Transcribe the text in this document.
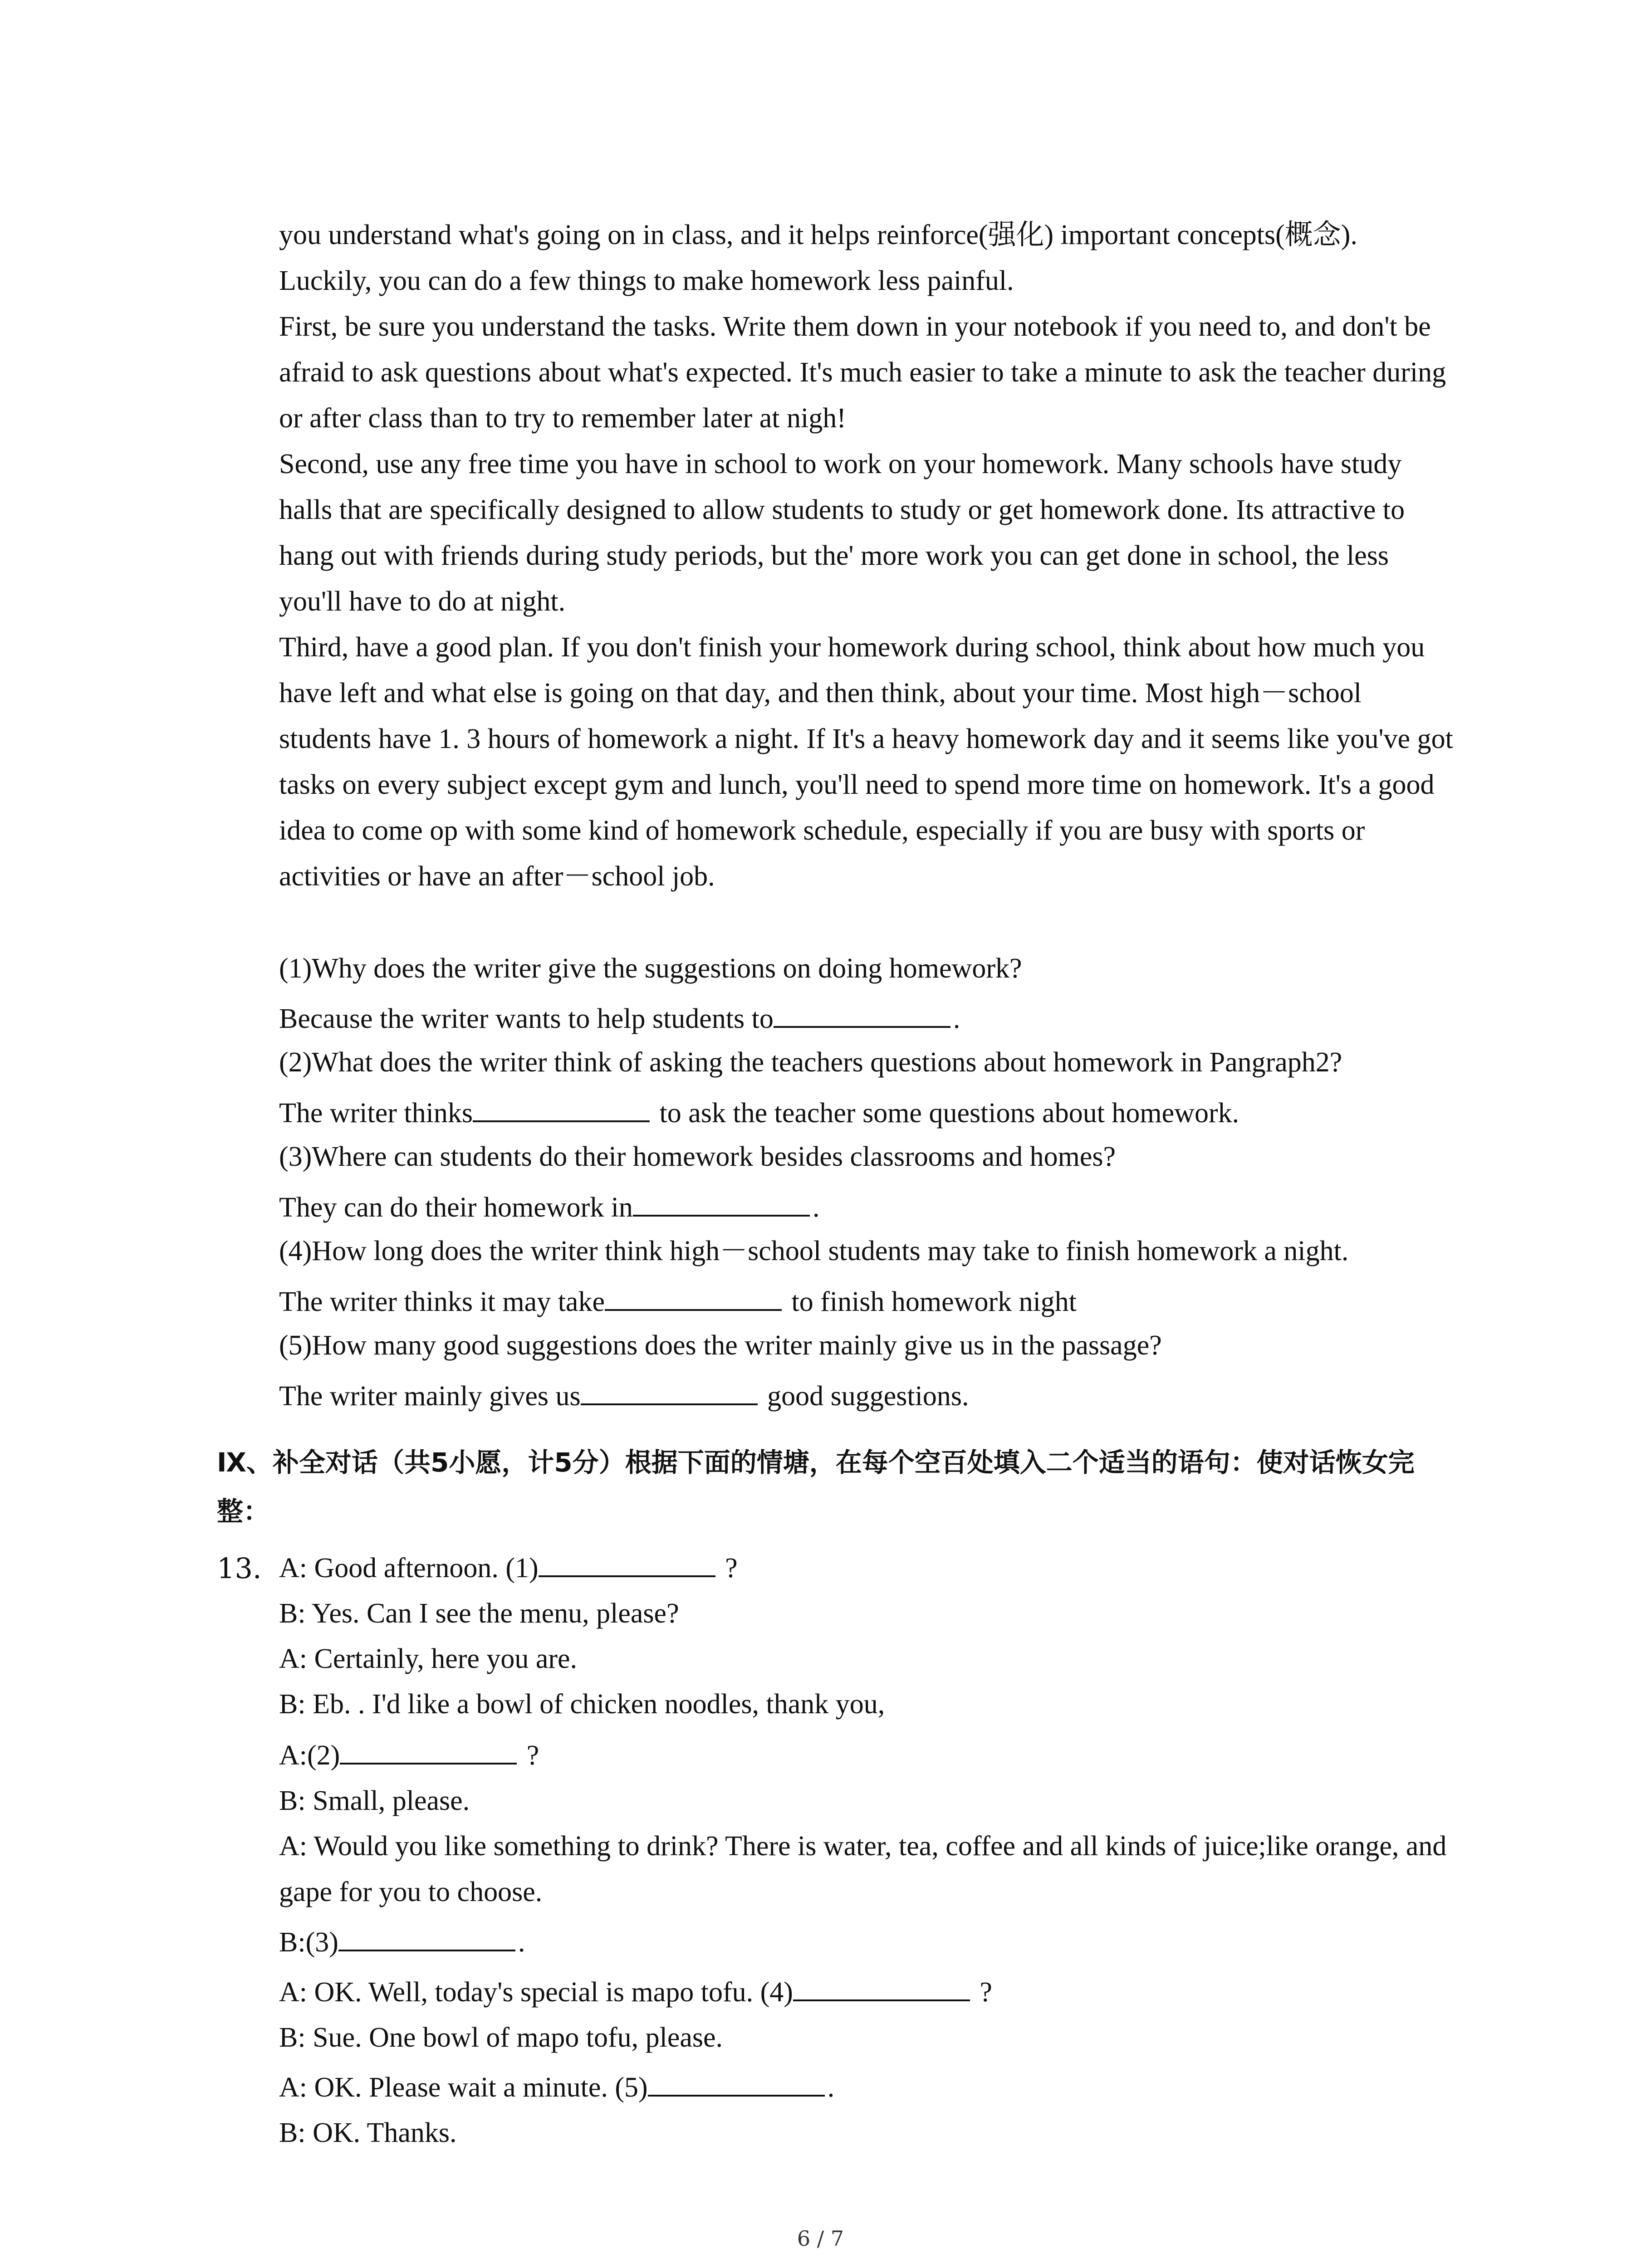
you understand what's going on in class, and it helps reinforce(强化) important concepts(概念). Luckily, you can do a few things to make homework less painful.

First, be sure you understand the tasks. Write them down in your notebook if you need to, and don't be afraid to ask questions about what's expected. It's much easier to take a minute to ask the teacher during or after class than to try to remember later at nigh!

Second, use any free time you have in school to work on your homework. Many schools have study halls that are specifically designed to allow students to study or get homework done. Its attractive to hang out with friends during study periods, but the' more work you can get done in school, the less you'll have to do at night.

Third, have a good plan. If you don't finish your homework during school, think about how much you have left and what else is going on that day, and then think, about your time. Most high－school students have 1. 3 hours of homework a night. If It's a heavy homework day and it seems like you've got tasks on every subject except gym and lunch, you'll need to spend more time on homework. It's a good idea to come op with some kind of homework schedule, especially if you are busy with sports or activities or have an after－school job.

(1)Why does the writer give the suggestions on doing homework?
Because the writer wants to help students to	.
(2)What does the writer think of asking the teachers questions about homework in Pangraph2?
The writer thinks	to ask the teacher some questions about homework.
(3)Where can students do their homework besides classrooms and homes?
They can do their homework in	.
(4)How long does the writer think high－school students may take to finish homework a night.
The writer thinks it may take	to finish homework night
(5)How many good suggestions does the writer mainly give us in the passage?
The writer mainly gives us	good suggestions.

Ⅸ、补全对话（共5小愿，计5分）根据下面的情塘，在每个空百处填入二个适当的语句：使对话恢女完整：

13. A: Good afternoon. (1)	?
B: Yes. Can I see the menu, please?
A: Certainly, here you are.
B: Eb. . I'd like a bowl of chicken noodles, thank you,
A:(2)	?
B: Small, please.

A: Would you like something to drink? There is water, tea, coffee and all kinds of juice;like orange, and gape for you to choose.

B:(3)	.
A: OK. Well, today's special is mapo tofu. (4)	?
B: Sue. One bowl of mapo tofu, please.
A: OK. Please wait a minute. (5)	.
B: OK. Thanks.
6 / 7
